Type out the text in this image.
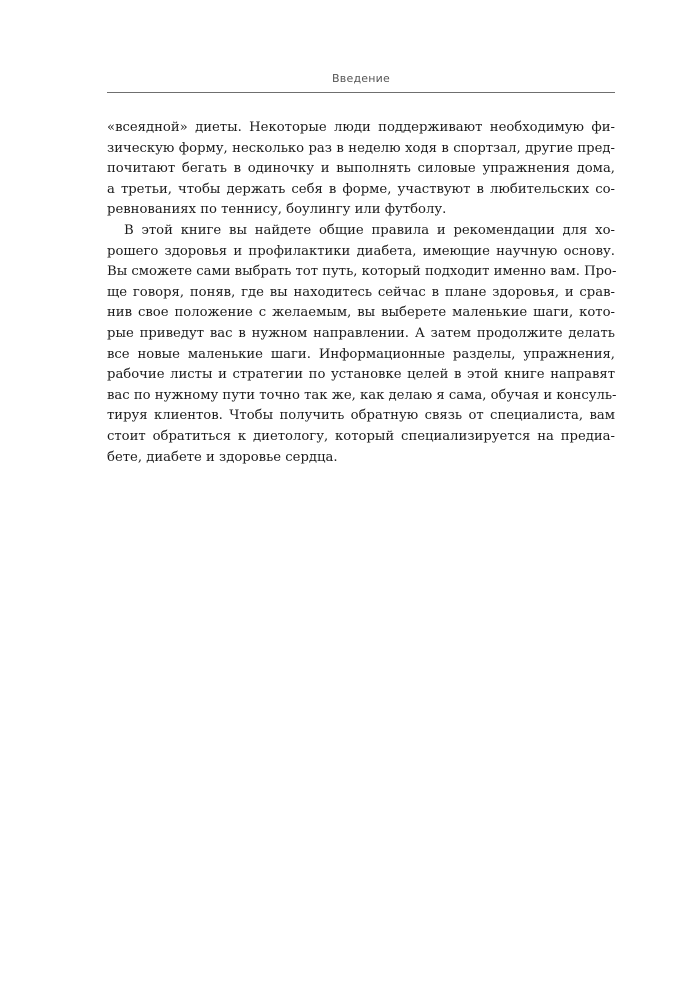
Введение
«всеядной» диеты. Некоторые люди поддерживают необходимую фи-
зическую форму, несколько раз в неделю ходя в спортзал, другие пред-
почитают бегать в одиночку и выполнять силовые упражнения дома,
а третьи, чтобы держать себя в форме, участвуют в любительских со-
ревнованиях по теннису, боулингу или футболу.
В этой книге вы найдете общие правила и рекомендации для хо-
рошего здоровья и профилактики диабета, имеющие научную основу.
Вы сможете сами выбрать тот путь, который подходит именно вам. Про-
ще говоря, поняв, где вы находитесь сейчас в плане здоровья, и срав-
нив свое положение с желаемым, вы выберете маленькие шаги, кото-
рые приведут вас в нужном направлении. А затем продолжите делать
все новые маленькие шаги. Информационные разделы, упражнения,
рабочие листы и стратегии по установке целей в этой книге направят
вас по нужному пути точно так же, как делаю я сама, обучая и консуль-
тируя клиентов. Чтобы получить обратную связь от специалиста, вам
стоит обратиться к диетологу, который специализируется на предиа-
бете, диабете и здоровье сердца.
